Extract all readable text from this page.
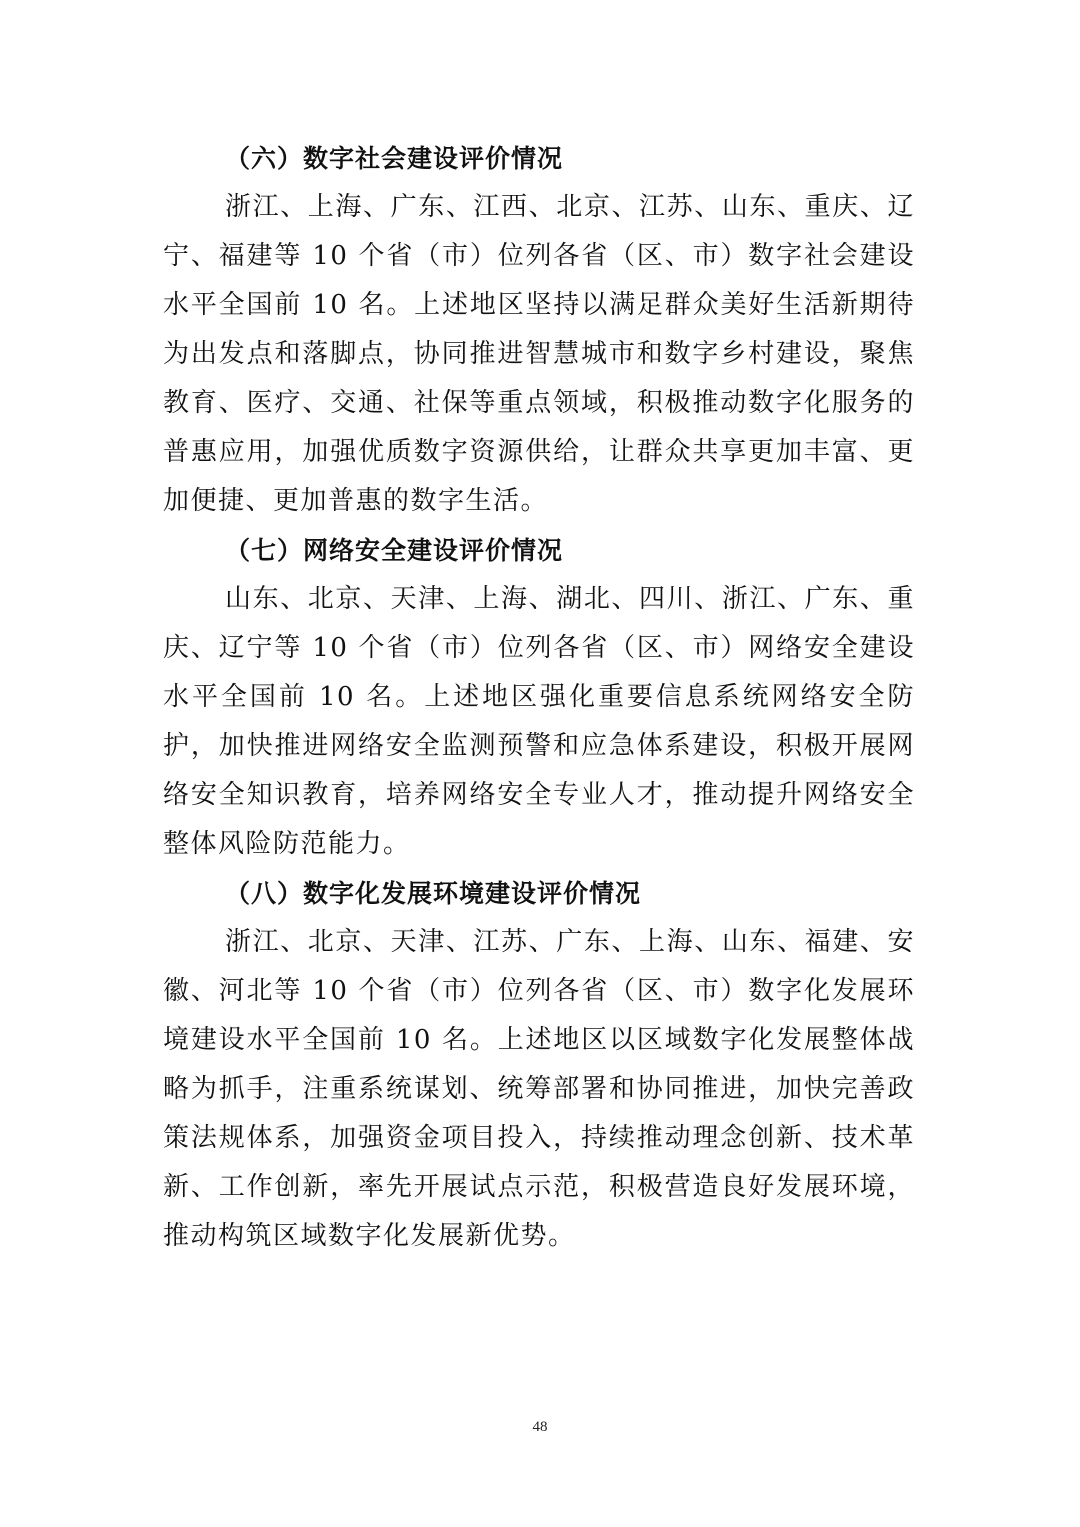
（六）数字社会建设评价情况

浙江、上海、广东、江西、北京、江苏、山东、重庆、辽宁、福建等 10 个省（市）位列各省（区、市）数字社会建设水平全国前 10 名。上述地区坚持以满足群众美好生活新期待为出发点和落脚点，协同推进智慧城市和数字乡村建设，聚焦教育、医疗、交通、社保等重点领域，积极推动数字化服务的普惠应用，加强优质数字资源供给，让群众共享更加丰富、更加便捷、更加普惠的数字生活。

（七）网络安全建设评价情况

山东、北京、天津、上海、湖北、四川、浙江、广东、重庆、辽宁等 10 个省（市）位列各省（区、市）网络安全建设水平全国前 10 名。上述地区强化重要信息系统网络安全防护，加快推进网络安全监测预警和应急体系建设，积极开展网络安全知识教育，培养网络安全专业人才，推动提升网络安全整体风险防范能力。

（八）数字化发展环境建设评价情况

浙江、北京、天津、江苏、广东、上海、山东、福建、安徽、河北等 10 个省（市）位列各省（区、市）数字化发展环境建设水平全国前 10 名。上述地区以区域数字化发展整体战略为抓手，注重系统谋划、统筹部署和协同推进，加快完善政策法规体系，加强资金项目投入，持续推动理念创新、技术革新、工作创新，率先开展试点示范，积极营造良好发展环境，推动构筑区域数字化发展新优势。

48
